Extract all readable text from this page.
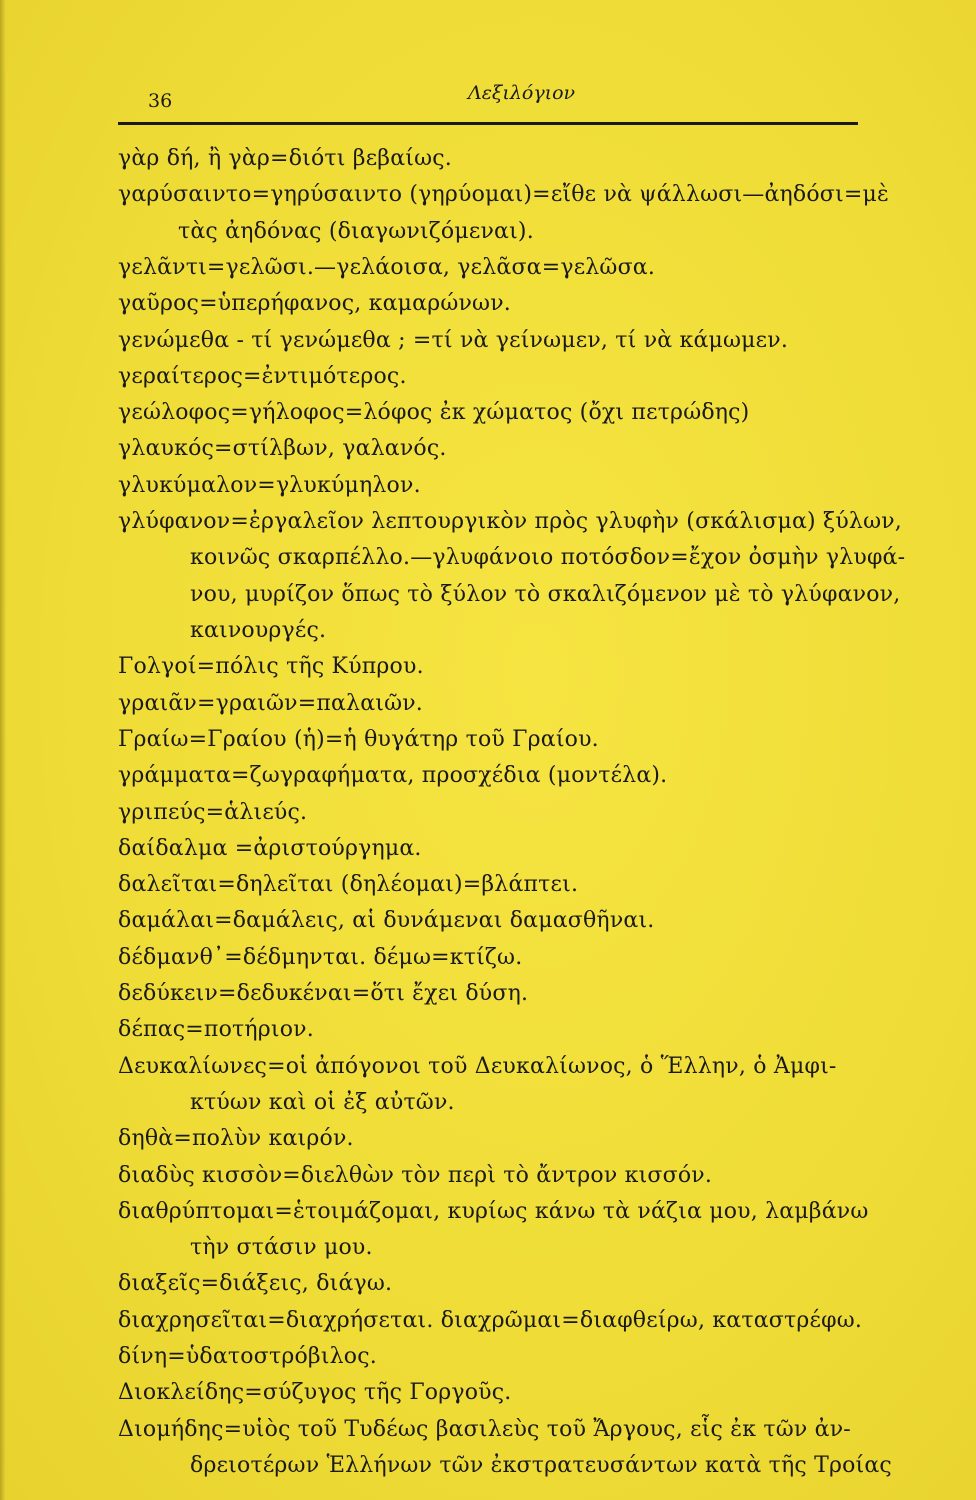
36	Λεξιλόγιον
γὰρ δή, ἢ γὰρ=διότι βεβαίως.
γαρύσαιντο=γηρύσαιντο (γηρύομαι)=εἴθε νὰ ψάλλωσι—ἀηδόσι=μὲ
τὰς ἀηδόνας (διαγωνιζόμεναι).
γελᾶντι=γελῶσι.—γελάοισα, γελᾶσα=γελῶσα.
γαῦρος=ὑπερήφανος, καμαρώνων.
γενώμεθα - τί γενώμεθα ; =τί νὰ γείνωμεν, τί νὰ κάμωμεν.
γεραίτερος=ἐντιμότερος.
γεώλοφος=γήλοφος=λόφος ἐκ χώματος (ὄχι πετρώδης)
γλαυκός=στίλβων, γαλανός.
γλυκύμαλον=γλυκύμηλον.
γλύφανον=ἐργαλεῖον λεπτουργικὸν πρὸς γλυφὴν (σκάλισμα) ξύλων,
κοινῶς σκαρπέλλο.—γλυφάνοιο ποτόσδον=ἔχον ὀσμὴν γλυφά-
νου, μυρίζον ὅπως τὸ ξύλον τὸ σκαλιζόμενον μὲ τὸ γλύφανον,
καινουργές.
Γολγοί=πόλις τῆς Κύπρου.
γραιᾶν=γραιῶν=παλαιῶν.
Γραίω=Γραίου (ἡ)=ἡ θυγάτηρ τοῦ Γραίου.
γράμματα=ζωγραφήματα, προσχέδια (μοντέλα).
γριπεύς=ἁλιεύς.
δαίδαλμα =ἀριστούργημα.
δαλεῖται=δηλεῖται (δηλέομαι)=βλάπτει.
δαμάλαι=δαμάλεις, αἱ δυνάμεναι δαμασθῆναι.
δέδμανθ᾽=δέδμηνται. δέμω=κτίζω.
δεδύκειν=δεδυκέναι=ὅτι ἔχει δύση.
δέπας=ποτήριον.
Δευκαλίωνες=οἱ ἀπόγονοι τοῦ Δευκαλίωνος, ὁ Ἕλλην, ὁ Ἀμφι-
κτύων καὶ οἱ ἐξ αὐτῶν.
δηθὰ=πολὺν καιρόν.
διαδὺς κισσὸν=διελθὼν τὸν περὶ τὸ ἄντρον κισσόν.
διαθρύπτομαι=ἑτοιμάζομαι, κυρίως κάνω τὰ νάζια μου, λαμβάνω
τὴν στάσιν μου.
διαξεῖς=διάξεις, διάγω.
διαχρησεῖται=διαχρήσεται. διαχρῶμαι=διαφθείρω, καταστρέφω.
δίνη=ὑδατοστρόβιλος.
Διοκλείδης=σύζυγος τῆς Γοργοῦς.
Διομήδης=υἱὸς τοῦ Τυδέως βασιλεὺς τοῦ Ἄργους, εἷς ἐκ τῶν ἀν-
δρειοτέρων Ἑλλήνων τῶν ἐκστρατευσάντων κατὰ τῆς Τροίας
